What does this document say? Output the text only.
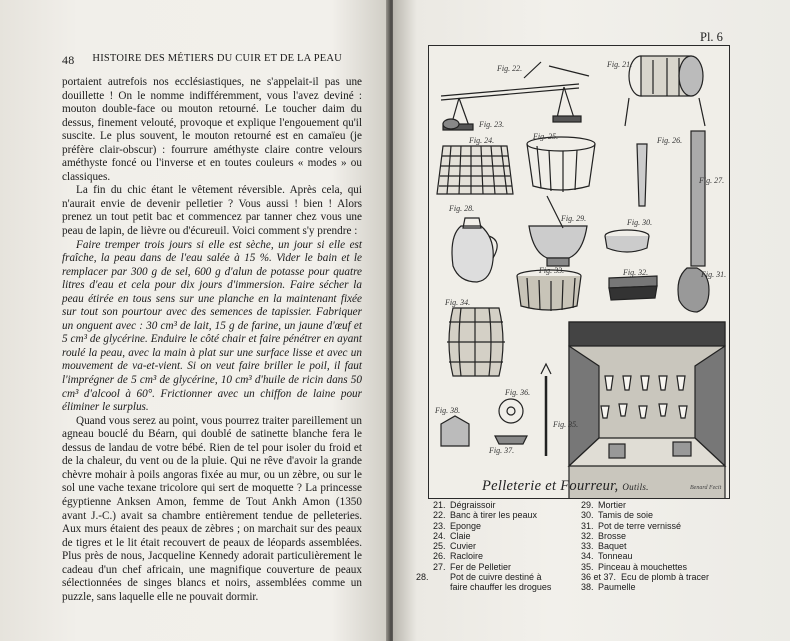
48 HISTOIRE DES MÉTIERS DU CUIR ET DE LA PEAU

portaient autrefois nos ecclésiastiques, ne s'appelait-il pas une douillette ! On le nomme indifféremment, vous l'avez deviné : mouton double-face ou mouton retourné. Le toucher daim du dessus, finement velouté, provoque et explique l'engouement qu'il suscite. Le plus souvent, le mouton retourné est en camaïeu (je préfère clair-obscur) : fourrure améthyste claire contre velours améthyste foncé ou l'inverse et en toutes couleurs « modes » ou classiques.

La fin du chic étant le vêtement réversible. Après cela, qui n'aurait envie de devenir pelletier ? Vous aussi ! bien ! Alors prenez un tout petit bac et commencez par tanner chez vous une peau de lapin, de lièvre ou d'écureuil. Voici comment s'y prendre :

Faire tremper trois jours si elle est sèche, un jour si elle est fraîche, la peau dans de l'eau salée à 15 %. Vider le bain et le remplacer par 300 g de sel, 600 g d'alun de potasse pour quatre litres d'eau et cela pour dix jours d'immersion. Faire sécher la peau étirée en tous sens sur une planche en la maintenant fixée sur tout son pourtour avec des semences de tapissier. Fabriquer un onguent avec : 30 cm³ de lait, 15 g de farine, un jaune d'œuf et 5 cm³ de glycérine. Enduire le côté chair et faire pénétrer en ayant roulé la peau, avec la main à plat sur une surface lisse et avec un mouvement de va-et-vient. Si on veut faire briller le poil, il faut l'imprégner de 5 cm³ de glycérine, 10 cm³ d'huile de ricin dans 50 cm³ d'alcool à 60°. Frictionner avec un chiffon de laine pour éliminer le surplus.

Quand vous serez au point, vous pourrez traiter pareillement un agneau bouclé du Béarn, qui doublé de satinette blanche fera le dessus de landau de votre bébé. Rien de tel pour isoler du froid et de la chaleur, du vent ou de la pluie. Qui ne rêve d'avoir la grande chèvre mohair à poils angoras fixée au mur, ou un zèbre, ou sur le sol une vache texane tricolore qui sert de moquette ? La princesse égyptienne Anksen Amon, femme de Tout Ankh Amon (1350 avant J.-C.) avait sa chambre entièrement tendue de pelleteries. Aux murs étaient des peaux de zèbres ; on marchait sur des peaux de tigres et le lit était recouvert de peaux de léopards assemblées. Plus près de nous, Jacqueline Kennedy adorait particulièrement le cadeau d'un chef africain, une magnifique couverture de peaux sélectionnées de singes blancs et noirs, assemblées comme un puzzle, sans laquelle elle ne pouvait dormir.

Pl. 6
Fig. 22.	Fig. 21.
Fig. 23.
Fig. 24.	Fig. 25.	Fig. 26.
Fig. 27.
Fig. 28.
Fig. 29.	Fig. 30.
Fig. 31.
Fig. 32.
Fig. 33.
Fig. 34.
Fig. 35.
Fig. 36.
Fig. 37.
Fig. 38.
Pelleterie et Fourreur, Outils.	Benard Fecit
21. Dégraissoir
22. Banc à tirer les peaux
23. Eponge
24. Claie
25. Cuvier
26. Racloire
27. Fer de Pelletier
28. Pot de cuivre destiné à faire chauffer les drogues
29. Mortier
30. Tamis de soie
31. Pot de terre vernissé
32. Brosse
33. Baquet
34. Tonneau
35. Pinceau à mouchettes
36 et 37. Ecu de plomb à tracer
38. Paumelle
